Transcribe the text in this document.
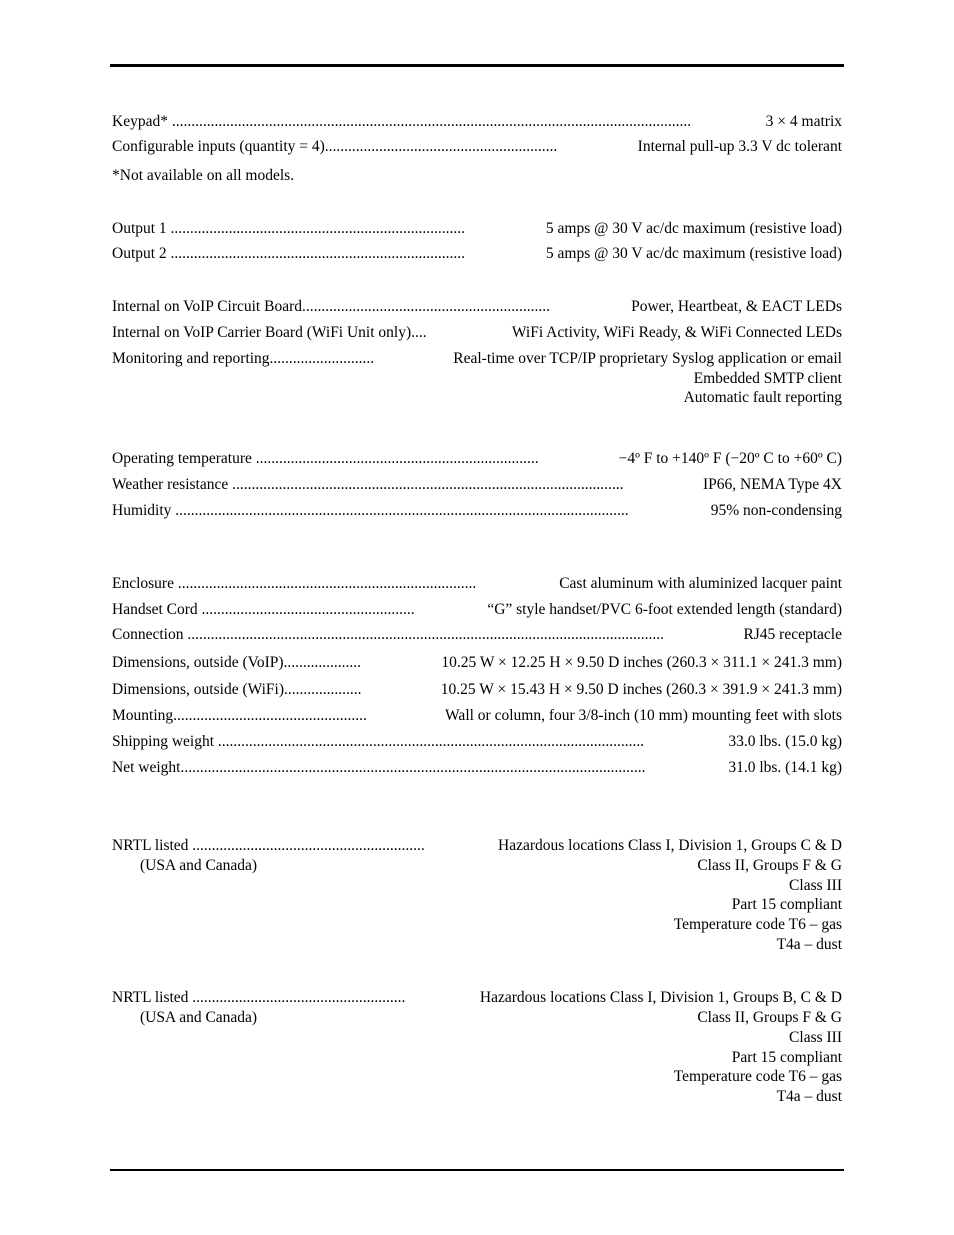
Keypad* ......................................................................................................................................	3 × 4 matrix
Configurable inputs (quantity = 4)............................................................	Internal pull-up 3.3 V dc tolerant
*Not available on all models.
Output 1 ............................................................................	5 amps @ 30 V ac/dc maximum (resistive load)
Output 2 ............................................................................	5 amps @ 30 V ac/dc maximum (resistive load)
Internal on VoIP Circuit Board................................................................	Power, Heartbeat, & EACT LEDs
Internal on VoIP Carrier Board (WiFi Unit only)....	WiFi Activity, WiFi Ready, & WiFi Connected LEDs
Monitoring and reporting...........................	Real-time over TCP/IP proprietary Syslog application or email
Embedded SMTP client
Automatic fault reporting
Operating temperature .........................................................................	−4º F to +140º F (−20º C to +60º C)
Weather resistance .....................................................................................................	IP66, NEMA Type 4X
Humidity .....................................................................................................................	95% non-condensing
Enclosure .............................................................................	Cast aluminum with aluminized lacquer paint
Handset Cord .......................................................	“G” style handset/PVC 6-foot extended length (standard)
Connection ...........................................................................................................................	RJ45 receptacle
Dimensions, outside (VoIP)....................	10.25 W × 12.25 H × 9.50 D inches (260.3 × 311.1 × 241.3 mm)
Dimensions, outside (WiFi)....................	10.25 W × 15.43 H × 9.50 D inches (260.3 × 391.9 × 241.3 mm)
Mounting..................................................	Wall or column, four 3/8-inch (10 mm) mounting feet with slots
Shipping weight ..............................................................................................................	33.0 lbs. (15.0 kg)
Net weight........................................................................................................................	31.0 lbs. (14.1 kg)
NRTL listed ............................................................	Hazardous locations Class I, Division 1, Groups C & D
(USA and Canada)	Class II, Groups F & G
Class III
Part 15 compliant
Temperature code T6 – gas
T4a – dust
NRTL listed .......................................................	Hazardous locations Class I, Division 1, Groups B, C & D
(USA and Canada)	Class II, Groups F & G
Class III
Part 15 compliant
Temperature code T6 – gas
T4a – dust
